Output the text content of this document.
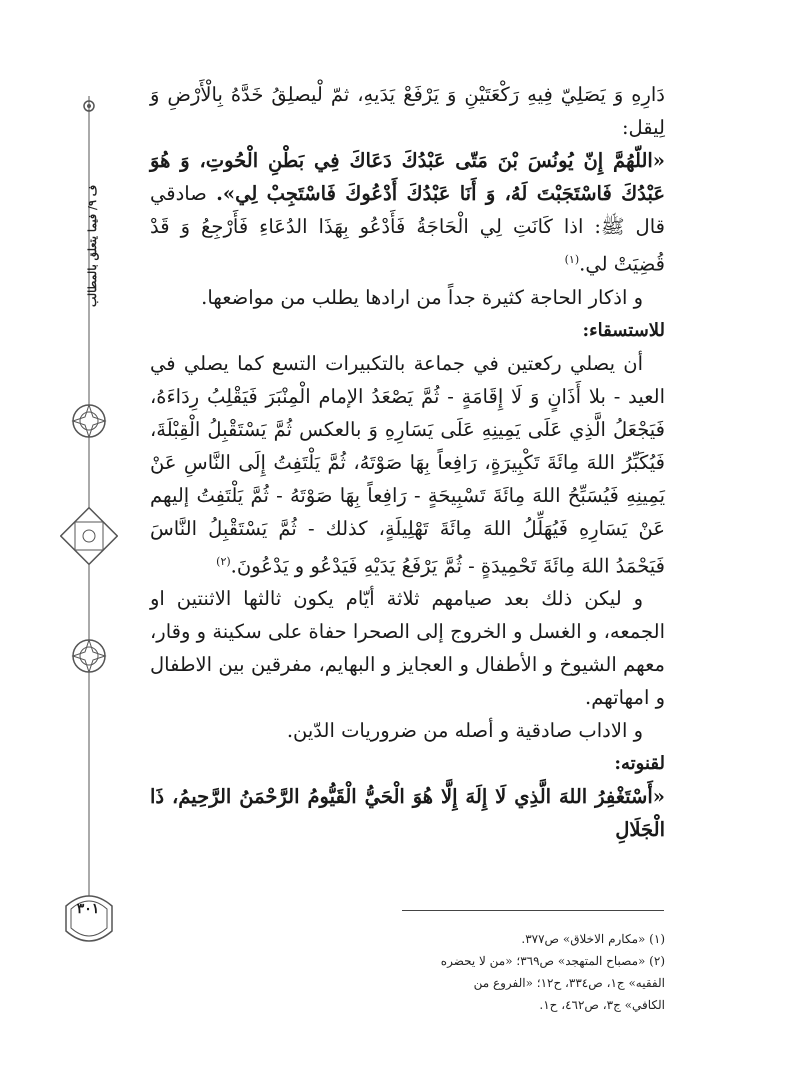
ف ۹/ فيما يتعلق بالمطالب
۳۰۱

دَارِهِ وَ يَصَلِيّ فِيهِ رَكْعَتَيْنِ وَ يَرْفَعْ يَدَيهِ، ثمّ لْيصلِقُ خَدَّهُ بِالْأَرْضِ وَ لِيقل:

«اللّهُمَّ إِنّ يُونُسَ بْنَ مَتّى عَبْدُكَ دَعَاكَ فِي بَطْنِ الْحُوتِ، وَ هُوَ عَبْدُكَ فَاسْتَجَبْتَ لَهُ، وَ أَنَا عَبْدُكَ أَدْعُوكَ فَاسْتَجِبْ لِي». صادقي قال ﷺ: اذا كَانَتِ لِي الْحَاجَةُ فَأَدْعُو بِهَذَا الدُعَاءِ فَأَرْجِعُ وَ قَدْ قُضِيَتْ لي.$^{(۱)}$

و اذكار الحاجة كثيرة جداً من ارادها يطلب من مواضعها.

للاستسقاء:

أن يصلي ركعتين في جماعة بالتكبيرات التسع كما يصلي في العيد - بلا أَذَانٍ وَ لَا إِقَامَةٍ - ثُمَّ يَصْعَدُ الإمام الْمِنْبَرَ فَيَقْلِبُ رِدَاءَهُ، فَيَجْعَلُ الَّذِي عَلَى يَمِينِهِ عَلَى يَسَارِهِ وَ بالعكس ثُمَّ يَسْتَقْبِلُ الْقِبْلَةَ، فَيُكَبِّرُ اللهَ مِائَةَ تَكْبِيرَةٍ، رَافِعاً بِهَا صَوْتَهُ، ثُمَّ يَلْتَفِتُ إِلَى النَّاسِ عَنْ يَمِينِهِ فَيُسَبِّحُ اللهَ مِائَةَ تَسْبِيحَةٍ - رَافِعاً بِهَا صَوْتَهُ - ثُمَّ يَلْتَفِتُ إليهم عَنْ يَسَارِهِ فَيُهَلِّلُ اللهَ مِائَةَ تَهْلِيلَةٍ، كذلك - ثُمَّ يَسْتَقْبِلُ النَّاسَ فَيَحْمَدُ اللهَ مِائَةَ تَحْمِيدَةٍ - ثُمَّ يَرْفَعُ يَدَيْهِ فَيَدْعُو و يَدْعُونَ.$^{(۲)}$

و ليكن ذلك بعد صيامهم ثلاثة أيّام يكون ثالثها الاثنتين او الجمعه، و الغسل و الخروج إلى الصحرا حفاة على سكينة و وقار، معهم الشيوخ و الأطفال و العجايز و البهايم، مفرقين بين الاطفال و امهاتهم.

و الاداب صادقية و أصله من ضروريات الدّين.

لقنوته:

«أَسْتَغْفِرُ اللهَ الَّذِي لَا إِلَهَ إِلَّا هُوَ الْحَيُّ الْقَيُّومُ الرَّحْمَنُ الرَّحِيمُ، ذَا الْجَلَالِ

(۱) «مكارم الاخلاق» ص۳۷۷.

(۲) «مصباح المتهجد» ص۳٦۹؛ «من لا يحضره الفقيه» ج۱، ص۳۳٤، ح۱۲؛ «الفروع من الكافي» ج۳، ص٤٦۲، ح۱.
